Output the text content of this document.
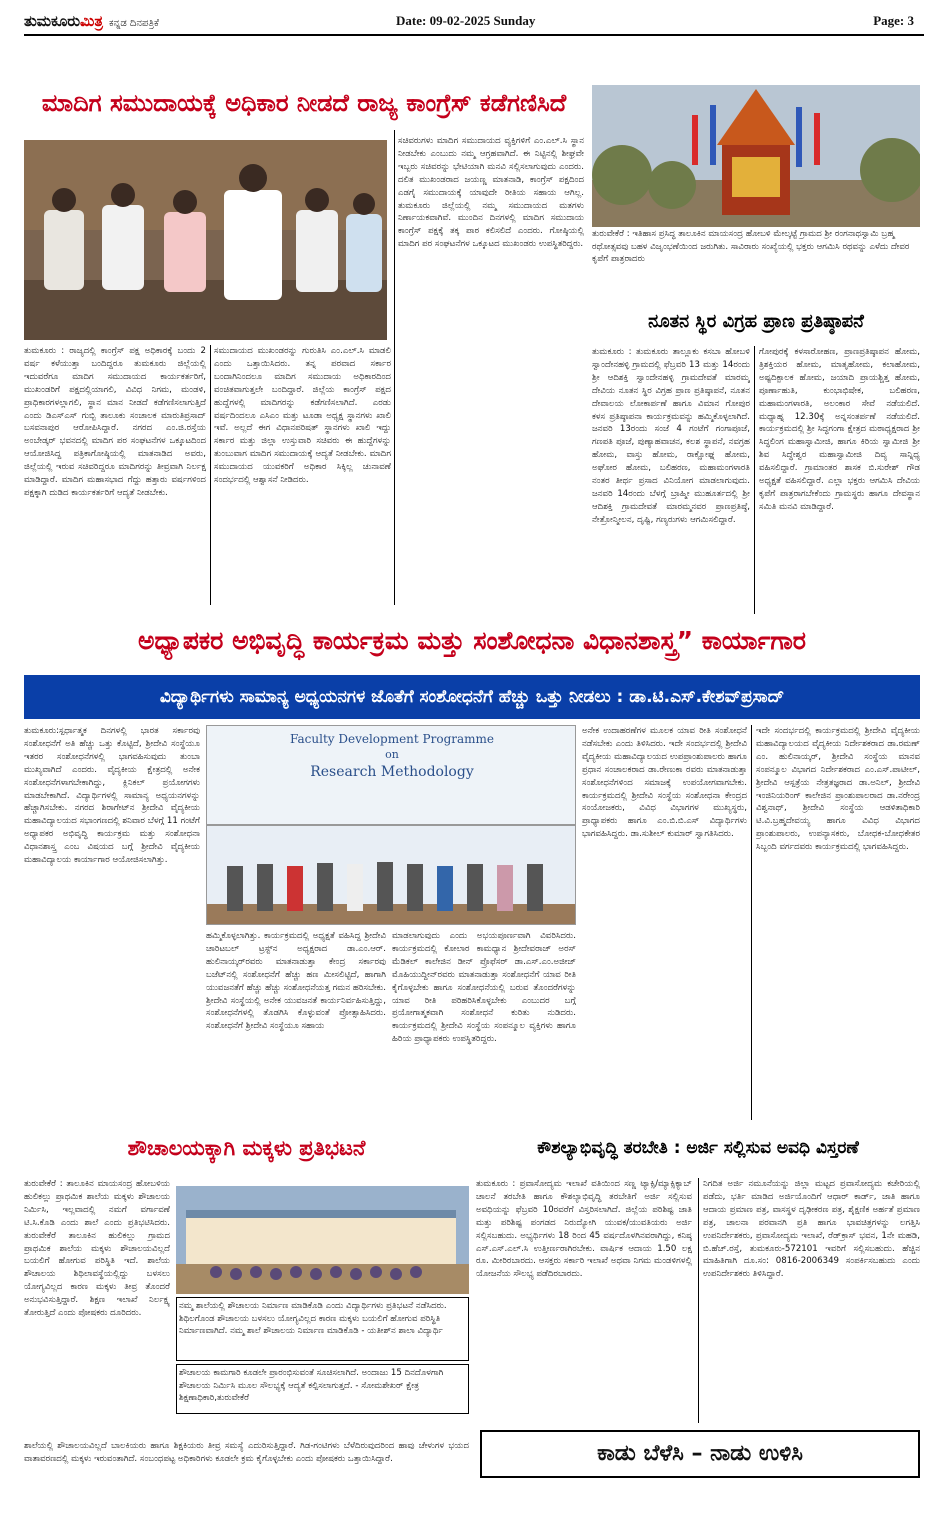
ತುಮಕೂರುಮಿತ್ರ ಕನ್ನಡ ದಿನಪತ್ರಿಕೆ	Date: 09-02-2025 Sunday	Page: 3
ಮಾದಿಗ ಸಮುದಾಯಕ್ಕೆ ಅಧಿಕಾರ ನೀಡದೆ ರಾಜ್ಯ ಕಾಂಗ್ರೆಸ್ ಕಡೆಗಣಿಸಿದೆ
ತುಮಕೂರು : ರಾಜ್ಯದಲ್ಲಿ ಕಾಂಗ್ರೆಸ್ ಪಕ್ಷ ಅಧಿಕಾರಕ್ಕೆ ಬಂದು 2 ವರ್ಷ ಕಳೆಯುತ್ತಾ ಬಂದಿದ್ದರೂ ತುಮಕೂರು ಜಿಲ್ಲೆಯಲ್ಲಿ ಇದುವರೆಗೂ ಮಾದಿಗ ಸಮುದಾಯದ ಕಾರ್ಯಕರ್ತರಿಗೆ, ಮುಖಂಡರಿಗೆ ಪಕ್ಷದಲ್ಲಿಯಾಗಲಿ, ವಿವಿಧ ನಿಗಮ, ಮಂಡಳಿ, ಪ್ರಾಧಿಕಾರಗಳಲ್ಲಾಗಲಿ, ಸ್ಥಾನ ಮಾನ ನೀಡದೆ ಕಡೆಗಣಿಸಲಾಗುತ್ತಿದೆ ಎಂದು ಡಿಎಸ್‌ಎಸ್ ಗುಬ್ಬಿ ತಾಲೂಕು ಸಂಚಾಲಕ ಮಾರುತಿಪ್ರಸಾದ್ ಬಸವನಾಪುರ ಆರೋಪಿಸಿದ್ದಾರೆ. ನಗರದ ಎಂ.ಜಿ.ರಸ್ತೆಯ ಅಂಬೇಡ್ಕರ್ ಭವನದಲ್ಲಿ ಮಾದಿಗ ಪರ ಸಂಘಟನೆಗಳ ಒಕ್ಕೂಟದಿಂದ ಆಯೋಜಿಸಿದ್ದ ಪತ್ರಿಕಾಗೋಷ್ಠಿಯಲ್ಲಿ ಮಾತನಾಡಿದ ಅವರು, ಜಿಲ್ಲೆಯಲ್ಲಿ ಇರುವ ಸಚಿವರಿದ್ದರೂ ಮಾದಿಗರನ್ನು ತೀವ್ರವಾಗಿ ನಿರ್ಲಕ್ಷ ಮಾಡಿದ್ದಾರೆ. ಮಾದಿಗ ಮಹಾಸಭಾದ ಗೆದ್ದು ಹತ್ತಾರು ವರ್ಷಗಳಿಂದ ಪಕ್ಷಕ್ಕಾಗಿ ದುಡಿದ ಕಾರ್ಯಕರ್ತರಿಗೆ ಆದ್ಯತೆ ನೀಡಬೇಕು.
ಸಮುದಾಯದ ಮುಖಂಡರನ್ನು ಗುರುತಿಸಿ ಎಂ.ಎಲ್.ಸಿ ಮಾಡಲಿ ಎಂದು ಒತ್ತಾಯಿಸಿದರು. ತನ್ನ ಪರವಾದ ಸರ್ಕಾರ ಬಂದಾಗಿನಿಂದಲೂ ಮಾದಿಗ ಸಮುದಾಯ ಅಧಿಕಾರದಿಂದ ವಂಚಿತವಾಗುತ್ತಲೇ ಬಂದಿದ್ದಾರೆ. ಜಿಲ್ಲೆಯ ಕಾಂಗ್ರೆಸ್ ಪಕ್ಷದ ಹುದ್ದೆಗಳಲ್ಲಿ ಮಾದಿಗರನ್ನು ಕಡೆಗಣಿಸಲಾಗಿದೆ. ಎರಡು ವರ್ಷದಿಂದಲೂ ಎಸಿಎಂ ಮತ್ತು ಟೂಡಾ ಅಧ್ಯಕ್ಷ ಸ್ಥಾನಗಳು ಖಾಲಿ ಇವೆ. ಅಲ್ಲದೆ ಈಗ ವಿಧಾನಪರಿಷತ್ ಸ್ಥಾನಗಳು ಖಾಲಿ ಇದ್ದು ಸರ್ಕಾರ ಮತ್ತು ಜಿಲ್ಲಾ ಉಸ್ತುವಾರಿ ಸಚಿವರು ಈ ಹುದ್ದೆಗಳನ್ನು ತುಂಬುವಾಗ ಮಾದಿಗ ಸಮುದಾಯಕ್ಕೆ ಆದ್ಯತೆ ನೀಡಬೇಕು. ಮಾದಿಗ ಸಮುದಾಯದ ಯುವಕರಿಗೆ ಅಧಿಕಾರ ಸಿಕ್ಕಿಲ್ಲ ಚುನಾವಣೆ ಸಂದರ್ಭದಲ್ಲಿ ಆಶ್ವಾಸನೆ ನೀಡಿದರು.
ಸಚಿವರುಗಳು ಮಾದಿಗ ಸಮುದಾಯದ ವ್ಯಕ್ತಿಗಳಿಗೆ ಎಂ.ಎಲ್.ಸಿ ಸ್ಥಾನ ನೀಡಬೇಕು ಎಂಬುದು ನಮ್ಮ ಆಗ್ರಹವಾಗಿದೆ. ಈ ನಿಟ್ಟಿನಲ್ಲಿ ಶೀಘ್ರವೇ ಇಬ್ಬರು ಸಚಿವರನ್ನು ಭೇಟಿಯಾಗಿ ಮನವಿ ಸಲ್ಲಿಸಲಾಗುವುದು ಎಂದರು. ದಲಿತ ಮುಖಂಡರಾದ ಜಯಣ್ಣ ಮಾತನಾಡಿ, ಕಾಂಗ್ರೆಸ್ ಪಕ್ಷದಿಂದ ಎಡಗೈ ಸಮುದಾಯಕ್ಕೆ ಯಾವುದೇ ರೀತಿಯ ಸಹಾಯ ಆಗಿಲ್ಲ. ತುಮಕೂರು ಜಿಲ್ಲೆಯಲ್ಲಿ ನಮ್ಮ ಸಮುದಾಯದ ಮತಗಳು ನಿರ್ಣಾಯಕವಾಗಿವೆ. ಮುಂದಿನ ದಿನಗಳಲ್ಲಿ ಮಾದಿಗ ಸಮುದಾಯ ಕಾಂಗ್ರೆಸ್ ಪಕ್ಷಕ್ಕೆ ತಕ್ಕ ಪಾಠ ಕಲಿಸಲಿದೆ ಎಂದರು. ಗೋಷ್ಠಿಯಲ್ಲಿ ಮಾದಿಗ ಪರ ಸಂಘಟನೆಗಳ ಒಕ್ಕೂಟದ ಮುಖಂಡರು ಉಪಸ್ಥಿತರಿದ್ದರು.
ತುರುವೇಕೆರೆ : ಇತಿಹಾಸ ಪ್ರಸಿದ್ಧ ತಾಲೂಕಿನ ಮಾಯಸಂದ್ರ ಹೋಬಳಿ ಮೇಲ್ಕಟ್ಟೆ ಗ್ರಾಮದ ಶ್ರೀ ರಂಗನಾಥಸ್ವಾಮಿ ಬ್ರಹ್ಮ ರಥೋತ್ಸವವು ಬಹಳ ವಿಜೃಂಭಣೆಯಿಂದ ಜರುಗಿತು. ಸಾವಿರಾರು ಸಂಖ್ಯೆಯಲ್ಲಿ ಭಕ್ತರು ಆಗಮಿಸಿ ರಥವನ್ನು ಎಳೆದು ದೇವರ ಕೃಪೆಗೆ ಪಾತ್ರರಾದರು
ನೂತನ ಸ್ಥಿರ ವಿಗ್ರಹ ಪ್ರಾಣ ಪ್ರತಿಷ್ಠಾಪನೆ
ತುಮಕೂರು : ತುಮಕೂರು ತಾಲ್ಲೂಕು ಕಸಬಾ ಹೋಬಳಿ ಸ್ವಾಂದೇನಹಳ್ಳಿ ಗ್ರಾಮದಲ್ಲಿ ಫೆಬ್ರವರಿ 13 ಮತ್ತು 14ರಂದು ಶ್ರೀ ಆದಿಶಕ್ತಿ ಸ್ವಾಂದೇನಹಳ್ಳಿ ಗ್ರಾಮದೇವತೆ ಮಾರಮ್ಮ ದೇವಿಯ ನೂತನ ಸ್ಥಿರ ವಿಗ್ರಹ ಪ್ರಾಣ ಪ್ರತಿಷ್ಠಾಪನೆ, ನೂತನ ದೇವಾಲಯ ಲೋಕಾರ್ಪಣೆ ಹಾಗೂ ವಿಮಾನ ಗೋಪುರ ಕಳಸ ಪ್ರತಿಷ್ಠಾಪನಾ ಕಾರ್ಯಕ್ರಮವನ್ನು ಹಮ್ಮಿಕೊಳ್ಳಲಾಗಿದೆ. ಜನವರಿ 13ರಂದು ಸಂಜೆ 4 ಗಂಟೆಗೆ ಗಂಗಾಪೂಜೆ, ಗಣಪತಿ ಪೂಜೆ, ಪುಣ್ಯಾಹವಾಚನ, ಕಲಶ ಸ್ಥಾಪನೆ, ನವಗ್ರಹ ಹೋಮ, ವಾಸ್ತು ಹೋಮ, ರಾಕ್ಷೋಘ್ನ ಹೋಮ, ಅಘೋರ ಹೋಮ, ಬಲಿಹರಣ, ಮಹಾಮಂಗಳಾರತಿ ನಂತರ ತೀರ್ಥ ಪ್ರಸಾದ ವಿನಿಯೋಗ ಮಾಡಲಾಗುವುದು. ಜನವರಿ 14ರಂದು ಬೆಳಗ್ಗೆ ಬ್ರಾಹ್ಮೀ ಮುಹೂರ್ತದಲ್ಲಿ ಶ್ರೀ ಆದಿಶಕ್ತಿ ಗ್ರಾಮದೇವತೆ ಮಾರಮ್ಮನವರ ಪ್ರಾಣಪ್ರತಿಷ್ಠೆ, ನೇತ್ರೋನ್ಮೀಲನ, ದೃಷ್ಟಿ, ಗಣ್ಯರುಗಳು ಆಗಮಿಸಲಿದ್ದಾರೆ.
ಗೋಪುರಕ್ಕೆ ಕಳಸಾರೋಹಣ, ಪ್ರಾಣಪ್ರತಿಷ್ಠಾಪನ ಹೋಮ, ತ್ರಿಶಕ್ತಿಯರ ಹೋಮ, ಮಾತೃಹೋಮ, ಕಲಾಹೋಮ, ಅಷ್ಟದಿಕ್ಪಾಲಕ ಹೋಮ, ಜಯಾದಿ ಪ್ರಾಯಶ್ಚಿತ್ತ ಹೋಮ, ಪೂರ್ಣಾಹುತಿ, ಕುಂಭಾಭಿಷೇಕ, ಬಲಿಹರಣ, ಮಹಾಮಂಗಳಾರತಿ, ಅಲಂಕಾರ ಸೇವೆ ನಡೆಯಲಿದೆ. ಮಧ್ಯಾಹ್ನ 12.30ಕ್ಕೆ ಅನ್ನಸಂತರ್ಪಣೆ ನಡೆಯಲಿದೆ. ಕಾರ್ಯಕ್ರಮದಲ್ಲಿ ಶ್ರೀ ಸಿದ್ಧಗಂಗಾ ಕ್ಷೇತ್ರದ ಮಠಾಧ್ಯಕ್ಷರಾದ ಶ್ರೀ ಸಿದ್ಧಲಿಂಗ ಮಹಾಸ್ವಾಮೀಜಿ, ಹಾಗೂ ಕಿರಿಯ ಸ್ವಾಮೀಜಿ ಶ್ರೀ ಶಿವ ಸಿದ್ಧೇಶ್ವರ ಮಹಾಸ್ವಾಮೀಜಿ ದಿವ್ಯ ಸಾನ್ನಿಧ್ಯ ವಹಿಸಲಿದ್ದಾರೆ. ಗ್ರಾಮಾಂತರ ಶಾಸಕ ಬಿ.ಸುರೇಶ್ ಗೌಡ ಅಧ್ಯಕ್ಷತೆ ವಹಿಸಲಿದ್ದಾರೆ. ಎಲ್ಲಾ ಭಕ್ತರು ಆಗಮಿಸಿ ದೇವಿಯ ಕೃಪೆಗೆ ಪಾತ್ರರಾಗಬೇಕೆಂದು ಗ್ರಾಮಸ್ಥರು ಹಾಗೂ ದೇವಸ್ಥಾನ ಸಮಿತಿ ಮನವಿ ಮಾಡಿದ್ದಾರೆ.
ಅಧ್ಯಾಪಕರ ಅಭಿವೃದ್ಧಿ ಕಾರ್ಯಕ್ರಮ ಮತ್ತು ಸಂಶೋಧನಾ ವಿಧಾನಶಾಸ್ತ್ರ” ಕಾರ್ಯಾಗಾರ
ವಿದ್ಯಾರ್ಥಿಗಳು ಸಾಮಾನ್ಯ ಅಧ್ಯಯನಗಳ ಜೊತೆಗೆ ಸಂಶೋಧನೆಗೆ ಹೆಚ್ಚು ಒತ್ತು ನೀಡಲು : ಡಾ.ಟಿ.ಎಸ್.ಕೇಶವ್‌ಪ್ರಸಾದ್
Faculty Development Programme
on
Research Methodology
ತುಮಕೂರು:ಸ್ಪರ್ಧಾತ್ಮಕ ದಿನಗಳಲ್ಲಿ ಭಾರತ ಸರ್ಕಾರವು ಸಂಶೋಧನೆಗೆ ಅತಿ ಹೆಚ್ಚು ಒತ್ತು ಕೊಟ್ಟಿದೆ, ಶ್ರೀದೇವಿ ಸಂಸ್ಥೆಯೂ ಇತರರ ಸಂಶೋಧನೆಗಳಲ್ಲಿ ಭಾಗವಹಿಸುವುದು ತುಂಬಾ ಮುಖ್ಯವಾಗಿದೆ ಎಂದರು. ವೈದ್ಯಕೀಯ ಕ್ಷೇತ್ರದಲ್ಲಿ ಅನೇಕ ಸಂಶೋಧನೆಗಳಾಗಬೇಕಾಗಿದ್ದು, ಕ್ಲಿನಿಕಲ್ ಪ್ರಯೋಗಗಳು ಮಾಡಬೇಕಾಗಿದೆ. ವಿದ್ಯಾರ್ಥಿಗಳಲ್ಲಿ ಸಾಮಾನ್ಯ ಅಧ್ಯಯನಗಳನ್ನು ಹೆಚ್ಚಾಗಿಸಬೇಕು. ನಗರದ ಶಿರಾಗೇಟ್‌ನ ಶ್ರೀದೇವಿ ವೈದ್ಯಕೀಯ ಮಹಾವಿದ್ಯಾಲಯದ ಸಭಾಂಗಣದಲ್ಲಿ ಶನಿವಾರ ಬೆಳಗ್ಗೆ 11 ಗಂಟೆಗೆ ಅಧ್ಯಾಪಕರ ಅಭಿವೃದ್ಧಿ ಕಾರ್ಯಕ್ರಮ ಮತ್ತು ಸಂಶೋಧನಾ ವಿಧಾನಶಾಸ್ತ್ರ ಎಂಬ ವಿಷಯದ ಬಗ್ಗೆ ಶ್ರೀದೇವಿ ವೈದ್ಯಕೀಯ ಮಹಾವಿದ್ಯಾಲಯ ಕಾರ್ಯಾಗಾರ ಆಯೋಜಿಸಲಾಗಿತ್ತು.
ಹಮ್ಮಿಕೊಳ್ಳಲಾಗಿತ್ತು. ಕಾರ್ಯಕ್ರಮದಲ್ಲಿ ಅಧ್ಯಕ್ಷತೆ ವಹಿಸಿದ್ದ ಶ್ರೀದೇವಿ ಚಾರಿಟಬಲ್ ಟ್ರಸ್ಟ್‌ನ ಅಧ್ಯಕ್ಷರಾದ ಡಾ.ಎಂ.ಆರ್. ಹುಲಿನಾಯ್ಕರ್‌ರವರು ಮಾತನಾಡುತ್ತಾ ಕೇಂದ್ರ ಸರ್ಕಾರವು ಬಜೆಟ್‌ನಲ್ಲಿ ಸಂಶೋಧನೆಗೆ ಹೆಚ್ಚು ಹಣ ಮೀಸಲಿಟ್ಟಿದೆ, ಹಾಗಾಗಿ ಯುವಜನತೆಗೆ ಹೆಚ್ಚು ಹೆಚ್ಚು ಸಂಶೋಧನೆಯತ್ತ ಗಮನ ಹರಿಸಬೇಕು. ಶ್ರೀದೇವಿ ಸಂಸ್ಥೆಯಲ್ಲಿ ಅನೇಕ ಯುವಜನತೆ ಕಾರ್ಯನಿರ್ವಹಿಸುತ್ತಿದ್ದು, ಸಂಶೋಧನೆಗಳಲ್ಲಿ ತೊಡಗಿಸಿ ಕೊಳ್ಳುವಂತೆ ಪ್ರೋತ್ಸಾಹಿಸಿದರು. ಸಂಶೋಧನೆಗೆ ಶ್ರೀದೇವಿ ಸಂಸ್ಥೆಯೂ ಸಹಾಯ
ಮಾಡಲಾಗುವುದು ಎಂದು ಅಭಯಪೂರ್ಣವಾಗಿ ವಿವರಿಸಿದರು. ಕಾರ್ಯಕ್ರಮದಲ್ಲಿ ಕೋಲಾರ ಕಾಮಧ್ಯಾನ ಶ್ರೀದೇವರಾಜ್ ಅರಸ್ ಮೆಡಿಕಲ್ ಕಾಲೇಜಿನ ಡೀನ್ ಪ್ರೊಫೆಸರ್ ಡಾ.ಎಸ್.ಎಂ.ಅಜೀಜ್ ಮೊಹಿಯುದ್ದೀನ್‌ರವರು ಮಾತನಾಡುತ್ತಾ ಸಂಶೋಧನೆಗೆ ಯಾವ ರೀತಿ ಕೈಗೊಳ್ಳಬೇಕು ಹಾಗೂ ಸಂಶೋಧನೆಯಲ್ಲಿ ಬರುವ ತೊಂದರೆಗಳನ್ನು ಯಾವ ರೀತಿ ಪರಿಹರಿಸಿಕೊಳ್ಳಬೇಕು ಎಂಬುದರ ಬಗ್ಗೆ ಪ್ರಯೋಗಾತ್ಮಕವಾಗಿ ಸಂಶೋಧನೆ ಕುರಿತು ನುಡಿದರು. ಕಾರ್ಯಕ್ರಮದಲ್ಲಿ ಶ್ರೀದೇವಿ ಸಂಸ್ಥೆಯ ಸಂಪನ್ಮೂಲ ವ್ಯಕ್ತಿಗಳು ಹಾಗೂ ಹಿರಿಯ ಪ್ರಾಧ್ಯಾಪಕರು ಉಪಸ್ಥಿತರಿದ್ದರು.
ಅನೇಕ ಉದಾಹರಣೆಗಳ ಮೂಲಕ ಯಾವ ರೀತಿ ಸಂಶೋಧನೆ ನಡೆಸಬೇಕು ಎಂದು ತಿಳಿಸಿದರು. ಇದೇ ಸಂದರ್ಭದಲ್ಲಿ ಶ್ರೀದೇವಿ ವೈದ್ಯಕೀಯ ಮಹಾವಿದ್ಯಾಲಯದ ಉಪಪ್ರಾಂಶುಪಾಲರು ಹಾಗೂ ಪ್ರಧಾನ ಸಂಚಾಲಕರಾದ ಡಾ.ರೇಣುಕಾ ರವರು ಮಾತನಾಡುತ್ತಾ ಸಂಶೋಧನೆಗಳಿಂದ ಸಮಾಜಕ್ಕೆ ಉಪಯೋಗವಾಗಬೇಕು. ಕಾರ್ಯಕ್ರಮದಲ್ಲಿ ಶ್ರೀದೇವಿ ಸಂಸ್ಥೆಯ ಸಂಶೋಧನಾ ಕೇಂದ್ರದ ಸಂಯೋಜಕರು, ವಿವಿಧ ವಿಭಾಗಗಳ ಮುಖ್ಯಸ್ಥರು, ಪ್ರಾಧ್ಯಾಪಕರು ಹಾಗೂ ಎಂ.ಬಿ.ಬಿ.ಎಸ್ ವಿದ್ಯಾರ್ಥಿಗಳು ಭಾಗವಹಿಸಿದ್ದರು. ಡಾ.ಸುಶೀಲ್ ಕುಮಾರ್ ಸ್ವಾಗತಿಸಿದರು.
ಇದೇ ಸಂದರ್ಭದಲ್ಲಿ ಕಾರ್ಯಕ್ರಮದಲ್ಲಿ ಶ್ರೀದೇವಿ ವೈದ್ಯಕೀಯ ಮಹಾವಿದ್ಯಾಲಯದ ವೈದ್ಯಕೀಯ ನಿರ್ದೇಶಕರಾದ ಡಾ.ರಮಣ್ ಎಂ. ಹುಲಿನಾಯ್ಕರ್, ಶ್ರೀದೇವಿ ಸಂಸ್ಥೆಯ ಮಾನವ ಸಂಪನ್ಮೂಲ ವಿಭಾಗದ ನಿರ್ದೇಶಕರಾದ ಎಂ.ಎಸ್.ಪಾಟೀಲ್, ಶ್ರೀದೇವಿ ಆಸ್ಪತ್ರೆಯ ನೇತ್ರತಜ್ಞರಾದ ಡಾ.ಅನಿಲ್, ಶ್ರೀದೇವಿ ಇಂಜಿನಿಯರಿಂಗ್ ಕಾಲೇಜಿನ ಪ್ರಾಂಶುಪಾಲರಾದ ಡಾ.ನರೇಂದ್ರ ವಿಶ್ವನಾಥ್, ಶ್ರೀದೇವಿ ಸಂಸ್ಥೆಯ ಆಡಳಿತಾಧಿಕಾರಿ ಟಿ.ವಿ.ಬ್ರಹ್ಮದೇವಯ್ಯ ಹಾಗೂ ವಿವಿಧ ವಿಭಾಗದ ಪ್ರಾಂಶುಪಾಲರು, ಉಪನ್ಯಾಸಕರು, ಬೋಧಕ-ಬೋಧಕೇತರ ಸಿಬ್ಬಂದಿ ವರ್ಗದವರು ಕಾರ್ಯಕ್ರಮದಲ್ಲಿ ಭಾಗವಹಿಸಿದ್ದರು.
ಶೌಚಾಲಯಕ್ಕಾಗಿ ಮಕ್ಕಳು ಪ್ರತಿಭಟನೆ
ತುರುವೇಕೆರೆ : ತಾಲೂಕಿನ ಮಾಯಸಂದ್ರ ಹೋಬಳಿಯ ಹುಲಿಕಲ್ಲು ಪ್ರಾಥಮಿಕ ಶಾಲೆಯ ಮಕ್ಕಳು ಶೌಚಾಲಯ ನಿರ್ಮಿಸಿ, ಇಲ್ಲವಾದಲ್ಲಿ ನಮಗೆ ವರ್ಗಾವಣೆ ಟಿ.ಸಿ.ಕೊಡಿ ಎಂದು ಶಾಲೆ ಎಂದು ಪ್ರತಿಭಟಿಸಿದರು. ತುರುವೇಕೆರೆ ತಾಲೂಕಿನ ಹುಲಿಕಲ್ಲು ಗ್ರಾಮದ ಪ್ರಾಥಮಿಕ ಶಾಲೆಯ ಮಕ್ಕಳು ಶೌಚಾಲಯವಿಲ್ಲದೆ ಬಯಲಿಗೆ ಹೋಗುವ ಪರಿಸ್ಥಿತಿ ಇದೆ. ಶಾಲೆಯ ಶೌಚಾಲಯ ಶಿಥಿಲಾವಸ್ಥೆಯಲ್ಲಿದ್ದು ಬಳಸಲು ಯೋಗ್ಯವಿಲ್ಲದ ಕಾರಣ ಮಕ್ಕಳು ತೀವ್ರ ತೊಂದರೆ ಅನುಭವಿಸುತ್ತಿದ್ದಾರೆ. ಶಿಕ್ಷಣ ಇಲಾಖೆ ನಿರ್ಲಕ್ಷ್ಯ ತೋರುತ್ತಿದೆ ಎಂದು ಪೋಷಕರು ದೂರಿದರು.
ನಮ್ಮ ಶಾಲೆಯಲ್ಲಿ ಶೌಚಾಲಯ ನಿರ್ಮಾಣ ಮಾಡಿಕೊಡಿ ಎಂದು ವಿದ್ಯಾರ್ಥಿಗಳು ಪ್ರತಿಭಟನೆ ನಡೆಸಿದರು. ಶಿಥಿಲಗೊಂಡ ಶೌಚಾಲಯ ಬಳಸಲು ಯೋಗ್ಯವಿಲ್ಲದ ಕಾರಣ ಮಕ್ಕಳು ಬಯಲಿಗೆ ಹೋಗುವ ಪರಿಸ್ಥಿತಿ ನಿರ್ಮಾಣವಾಗಿದೆ. ನಮ್ಮ ಶಾಲೆ ಶೌಚಾಲಯ ನಿರ್ಮಾಣ ಮಾಡಿಕೊಡಿ - ಯತೀಶ್‌ನ ಶಾಲಾ ವಿದ್ಯಾರ್ಥಿ
ಶೌಚಾಲಯ ಕಾಮಗಾರಿ ಕೂಡಲೇ ಪ್ರಾರಂಭಿಸುವಂತೆ ಸೂಚಿಸಲಾಗಿದೆ. ಅಂದಾಜು 15 ದಿನದೊಳಗಾಗಿ ಶೌಚಾಲಯ ನಿರ್ಮಿಸಿ ಮೂಲ ಸೌಲಭ್ಯಕ್ಕೆ ಆದ್ಯತೆ ಕಲ್ಪಿಸಲಾಗುತ್ತದೆ. - ಸೋಮಶೇಖರ್ ಕ್ಷೇತ್ರ ಶಿಕ್ಷಣಾಧಿಕಾರಿ,ತುರುವೇಕೆರೆ
ಶಾಲೆಯಲ್ಲಿ ಶೌಚಾಲಯವಿಲ್ಲದೆ ಬಾಲಕಿಯರು ಹಾಗೂ ಶಿಕ್ಷಕಿಯರು ತೀವ್ರ ಸಮಸ್ಯೆ ಎದುರಿಸುತ್ತಿದ್ದಾರೆ. ಗಿಡ-ಗಂಟಿಗಳು ಬೆಳೆದಿರುವುದರಿಂದ ಹಾವು ಚೇಳುಗಳ ಭಯದ ವಾತಾವರಣದಲ್ಲಿ ಮಕ್ಕಳು ಇರುವಂತಾಗಿದೆ. ಸಂಬಂಧಪಟ್ಟ ಅಧಿಕಾರಿಗಳು ಕೂಡಲೇ ಕ್ರಮ ಕೈಗೊಳ್ಳಬೇಕು ಎಂದು ಪೋಷಕರು ಒತ್ತಾಯಿಸಿದ್ದಾರೆ.
ಕೌಶಲ್ಯಾಭಿವೃದ್ಧಿ ತರಬೇತಿ : ಅರ್ಜಿ ಸಲ್ಲಿಸುವ ಅವಧಿ ವಿಸ್ತರಣೆ
ತುಮಕೂರು : ಪ್ರವಾಸೋದ್ಯಮ ಇಲಾಖೆ ವತಿಯಿಂದ ಸಣ್ಣ ಟ್ಯಾಕ್ಸಿ/ಮ್ಯಾಕ್ಸಿಕ್ಯಾಬ್ ಚಾಲನೆ ತರಬೇತಿ ಹಾಗೂ ಕೌಶಲ್ಯಾಭಿವೃದ್ಧಿ ತರಬೇತಿಗೆ ಅರ್ಜಿ ಸಲ್ಲಿಸುವ ಅವಧಿಯನ್ನು ಫೆಬ್ರವರಿ 10ರವರೆಗೆ ವಿಸ್ತರಿಸಲಾಗಿದೆ. ಜಿಲ್ಲೆಯ ಪರಿಶಿಷ್ಟ ಜಾತಿ ಮತ್ತು ಪರಿಶಿಷ್ಟ ಪಂಗಡದ ನಿರುದ್ಯೋಗಿ ಯುವಕ/ಯುವತಿಯರು ಅರ್ಜಿ ಸಲ್ಲಿಸಬಹುದು. ಅಭ್ಯರ್ಥಿಗಳು 18 ರಿಂದ 45 ವರ್ಷದೊಳಗಿನವರಾಗಿದ್ದು, ಕನಿಷ್ಠ ಎಸ್.ಎಸ್.ಎಲ್.ಸಿ ಉತ್ತೀರ್ಣರಾಗಿರಬೇಕು. ವಾರ್ಷಿಕ ಆದಾಯ 1.50 ಲಕ್ಷ ರೂ. ಮೀರಿರಬಾರದು. ಆಸಕ್ತರು ಸರ್ಕಾರಿ ಇಲಾಖೆ ಅಥವಾ ನಿಗಮ ಮಂಡಳಿಗಳಲ್ಲಿ ಯೋಜನೆಯ ಸೌಲಭ್ಯ ಪಡೆದಿರಬಾರದು.
ನಿಗದಿತ ಅರ್ಜಿ ನಮೂನೆಯನ್ನು ಜಿಲ್ಲಾ ಮಟ್ಟದ ಪ್ರವಾಸೋದ್ಯಮ ಕಚೇರಿಯಲ್ಲಿ ಪಡೆದು, ಭರ್ತಿ ಮಾಡಿದ ಅರ್ಜಿಯೊಂದಿಗೆ ಆಧಾರ್ ಕಾರ್ಡ್, ಜಾತಿ ಹಾಗೂ ಆದಾಯ ಪ್ರಮಾಣ ಪತ್ರ, ವಾಸಸ್ಥಳ ದೃಢೀಕರಣ ಪತ್ರ, ಶೈಕ್ಷಣಿಕ ಅರ್ಹತೆ ಪ್ರಮಾಣ ಪತ್ರ, ಚಾಲನಾ ಪರವಾನಗಿ ಪ್ರತಿ ಹಾಗೂ ಭಾವಚಿತ್ರಗಳನ್ನು ಲಗತ್ತಿಸಿ ಉಪನಿರ್ದೇಶಕರು, ಪ್ರವಾಸೋದ್ಯಮ ಇಲಾಖೆ, ರೆಡ್‌ಕ್ರಾಸ್ ಭವನ, 1ನೇ ಮಹಡಿ, ಬಿ.ಹೆಚ್.ರಸ್ತೆ, ತುಮಕೂರು-572101 ಇವರಿಗೆ ಸಲ್ಲಿಸಬಹುದು. ಹೆಚ್ಚಿನ ಮಾಹಿತಿಗಾಗಿ ದೂ.ಸಂ: 0816-2006349 ಸಂಪರ್ಕಿಸಬಹುದು ಎಂದು ಉಪನಿರ್ದೇಶಕರು ತಿಳಿಸಿದ್ದಾರೆ.
ಕಾಡು ಬೆಳೆಸಿ – ನಾಡು ಉಳಿಸಿ
